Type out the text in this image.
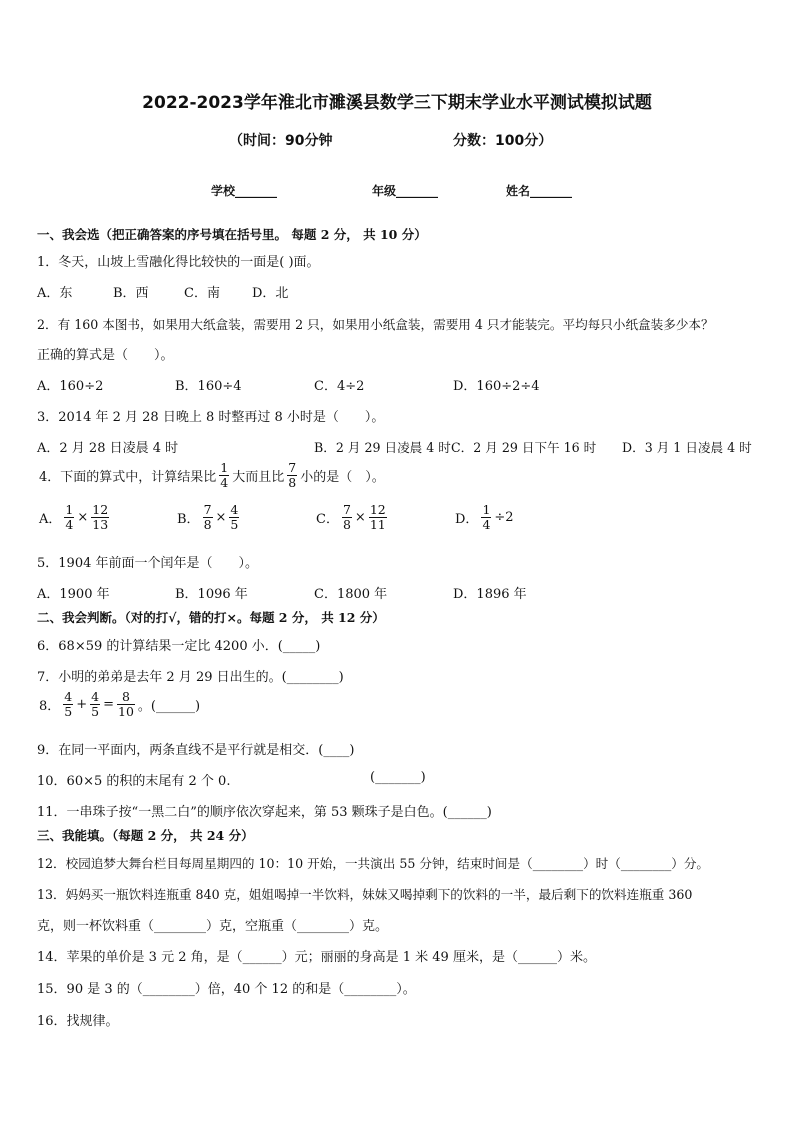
2022-2023学年淮北市濉溪县数学三下期末学业水平测试模拟试题
（时间：90分钟	分数：100分）
学校_______	年级_______	姓名_______
一、我会选（把正确答案的序号填在括号里。 每题 2 分， 共 10 分）
1．冬天，山坡上雪融化得比较快的一面是( )面。
A．东	B．西	C．南 D．北
2．有 160 本图书，如果用大纸盒装，需要用 2 只，如果用小纸盒装，需要用 4 只才能装完。平均每只小纸盒装多少本？
正确的算式是（　　）。
A．160÷2	B．160÷4	C．4÷2	D．160÷2÷4
3．2014 年 2 月 28 日晚上 8 时整再过 8 小时是（　　）。
A．2 月 28 日凌晨 4 时	B．2 月 29 日凌晨 4 时 C．2 月 29 日下午 16 时 D．3 月 1 日凌晨 4 时
4．下面的算式中，计算结果比 $\frac{1}{4}$ 大而且比 $\frac{7}{8}$ 小的是（　）。
A． $\frac{1}{4} \times \frac{12}{13}$	B． $\frac{7}{8} \times \frac{4}{5}$	C． $\frac{7}{8} \times \frac{12}{11}$	D． $\frac{1}{4} \div 2$
5．1904 年前面一个闰年是（　　）。
A．1900 年	B．1096 年	C．1800 年	D．1896 年
二、我会判断。（对的打√，错的打×。每题 2 分， 共 12 分）
6．68×59 的计算结果一定比 4200 小．(_____)
7．小明的弟弟是去年 2 月 29 日出生的。(________)
8． $\frac{4}{5} + \frac{4}{5} = \frac{8}{10}$ 。(______)
9．在同一平面内，两条直线不是平行就是相交．(____)
10．60×5 的积的末尾有 2 个 0.	(_______)
11．一串珠子按“一黑二白”的顺序依次穿起来，第 53 颗珠子是白色。(______)
三、我能填。（每题 2 分， 共 24 分）
12．校园追梦大舞台栏目每周星期四的 10：10 开始，一共演出 55 分钟，结束时间是（________）时（________）分。
13．妈妈买一瓶饮料连瓶重 840 克，姐姐喝掉一半饮料，妹妹又喝掉剩下的饮料的一半，最后剩下的饮料连瓶重 360
克，则一杯饮料重（________）克，空瓶重（________）克。
14．苹果的单价是 3 元 2 角，是（______）元；丽丽的身高是 1 米 49 厘米，是（______）米。
15．90 是 3 的（________）倍，40 个 12 的和是（________）。
16．找规律。
